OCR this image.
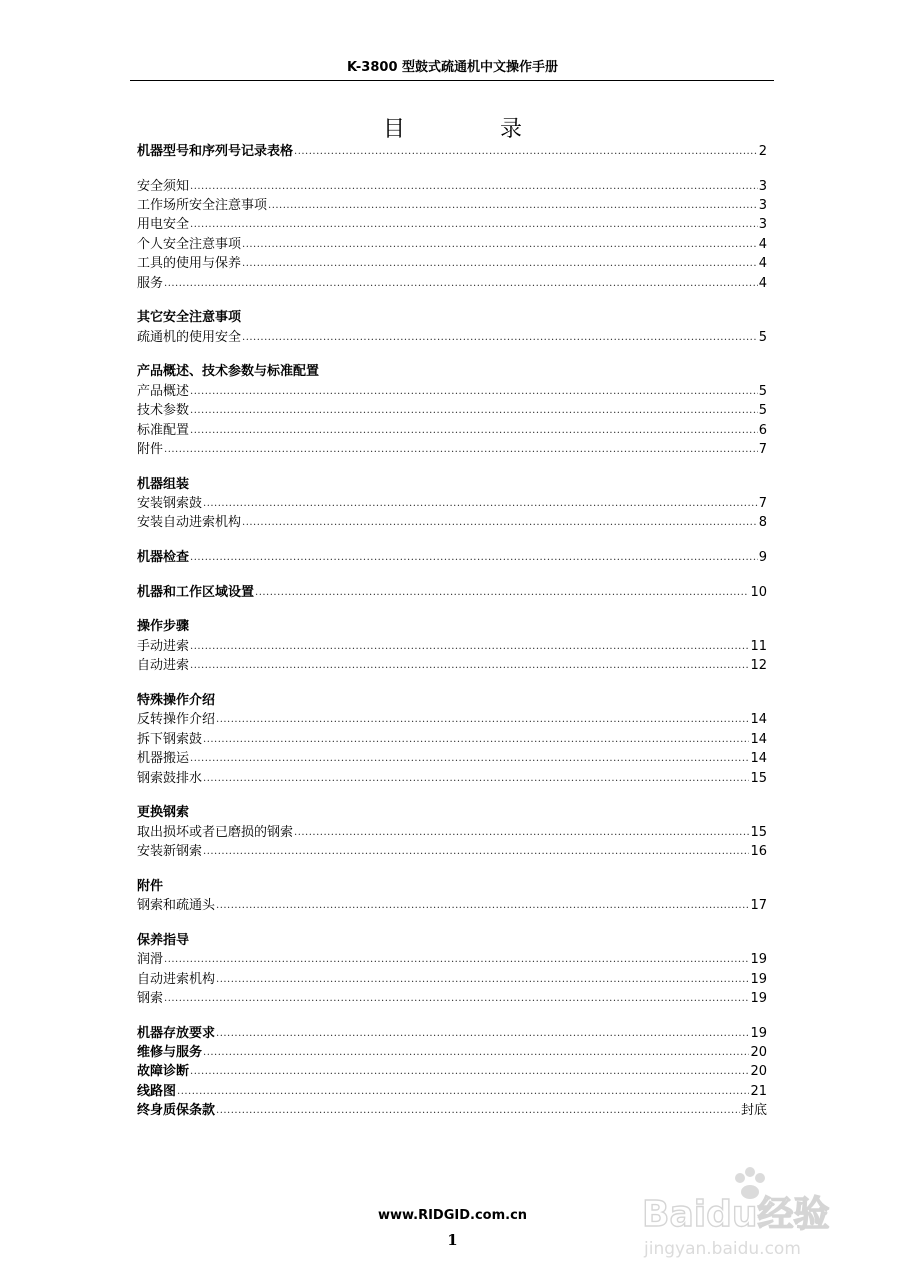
K-3800 型鼓式疏通机中文操作手册
目 录
机器型号和序列号记录表格 .....	2
安全须知 .....	3
工作场所安全注意事项 .....	3
用电安全 .....	3
个人安全注意事项 .....	4
工具的使用与保养 .....	4
服务 .....	4
其它安全注意事项
疏通机的使用安全 .....	5
产品概述、技术参数与标准配置
产品概述 .....	5
技术参数 .....	5
标准配置 .....	6
附件 .....	7
机器组装
安装钢索鼓 .....	7
安装自动进索机构 .....	8
机器检查 .....	9
机器和工作区域设置 .....	10
操作步骤
手动进索 .....	11
自动进索 .....	12
特殊操作介绍
反转操作介绍 .....	14
拆下钢索鼓 .....	14
机器搬运 .....	14
钢索鼓排水 .....	15
更换钢索
取出损坏或者已磨损的钢索 .....	15
安装新钢索 .....	16
附件
钢索和疏通头 .....	17
保养指导
润滑 .....	19
自动进索机构 .....	19
钢索 .....	19
机器存放要求 .....	19
维修与服务 .....	20
故障诊断 .....	20
线路图 .....	21
终身质保条款 .....	封底
Baidu经验
jingyan.baidu.com
www.RIDGID.com.cn
1
